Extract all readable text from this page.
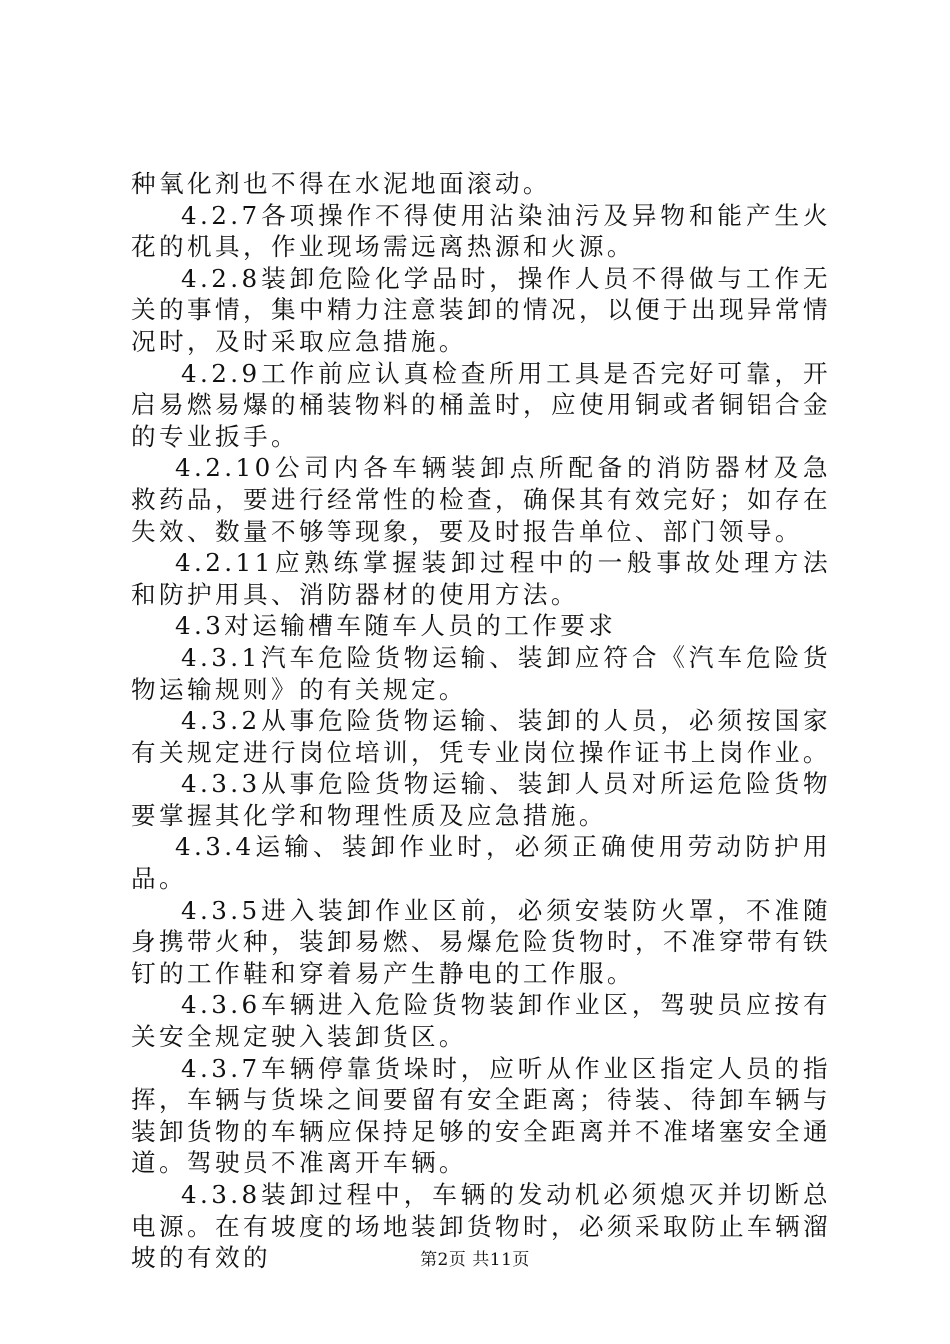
种氧化剂也不得在水泥地面滚动。

4.2.7各项操作不得使用沾染油污及异物和能产生火花的机具，作业现场需远离热源和火源。

4.2.8装卸危险化学品时，操作人员不得做与工作无关的事情，集中精力注意装卸的情况，以便于出现异常情况时，及时采取应急措施。

4.2.9工作前应认真检查所用工具是否完好可靠，开启易燃易爆的桶装物料的桶盖时，应使用铜或者铜铝合金的专业扳手。

4.2.10公司内各车辆装卸点所配备的消防器材及急救药品，要进行经常性的检查，确保其有效完好；如存在失效、数量不够等现象，要及时报告单位、部门领导。

4.2.11应熟练掌握装卸过程中的一般事故处理方法和防护用具、消防器材的使用方法。

4.3对运输槽车随车人员的工作要求

4.3.1汽车危险货物运输、装卸应符合《汽车危险货物运输规则》的有关规定。

4.3.2从事危险货物运输、装卸的人员，必须按国家有关规定进行岗位培训，凭专业岗位操作证书上岗作业。

4.3.3从事危险货物运输、装卸人员对所运危险货物要掌握其化学和物理性质及应急措施。

4.3.4运输、装卸作业时，必须正确使用劳动防护用品。

4.3.5进入装卸作业区前，必须安装防火罩，不准随身携带火种，装卸易燃、易爆危险货物时，不准穿带有铁钉的工作鞋和穿着易产生静电的工作服。

4.3.6车辆进入危险货物装卸作业区，驾驶员应按有关安全规定驶入装卸货区。

4.3.7车辆停靠货垛时，应听从作业区指定人员的指挥，车辆与货垛之间要留有安全距离；待装、待卸车辆与装卸货物的车辆应保持足够的安全距离并不准堵塞安全通道。驾驶员不准离开车辆。

4.3.8装卸过程中，车辆的发动机必须熄灭并切断总电源。在有坡度的场地装卸货物时，必须采取防止车辆溜坡的有效的	第2页 共11页
